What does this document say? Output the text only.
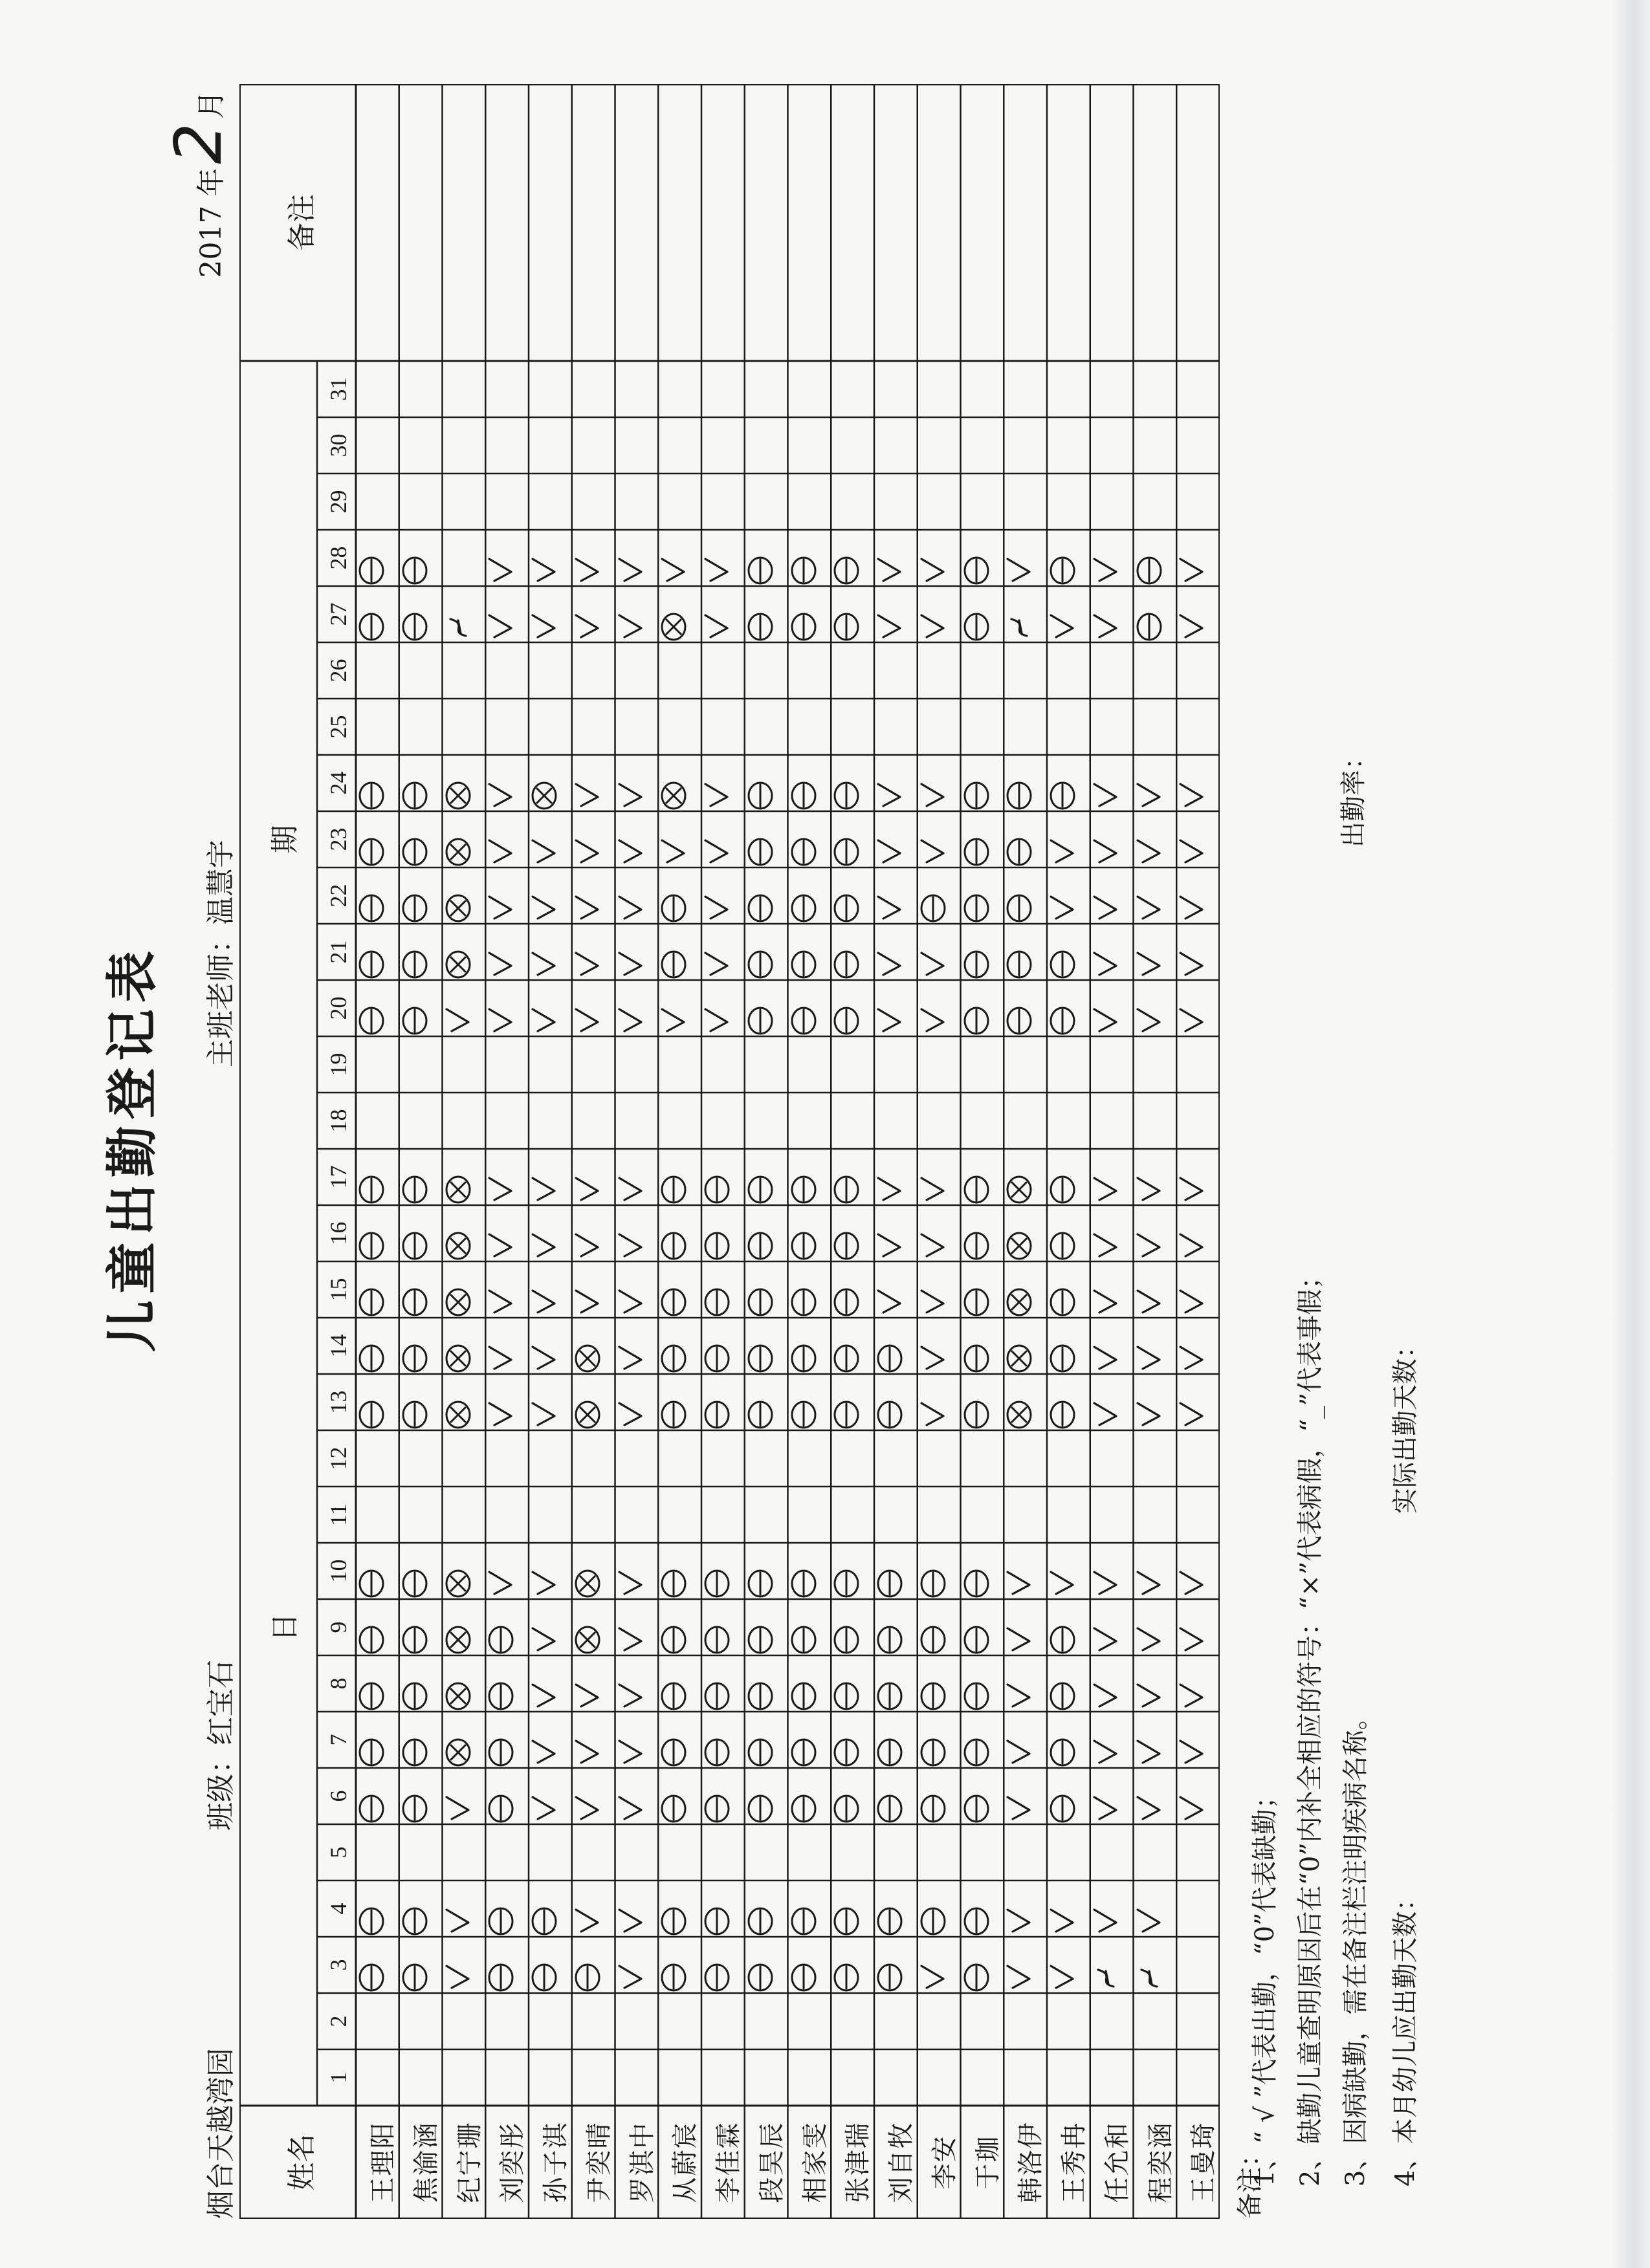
儿童出勤登记表
烟台天越湾园
班级：红宝石
主班老师：温慧宇
2017 年2月
姓名
日
期
备注
1
2
3
4
5
6
7
8
9
10
11
12
13
14
15
16
17
18
19
20
21
22
23
24
25
26
27
28
29
30
31
王理阳 焦渝涵 纪宁珊 刘奕彤 孙子淇 尹奕晴 罗淇中 从蔚宸 李佳霖 段昊辰 相家雯 张津瑞 刘自牧 李安 于珈 韩洛伊 王秀冉 任允和 程奕涵 王曼琦 备注：
1、“ √ ”代表出勤，“0”代表缺勤； 2、缺勤儿童查明原因后在“0”内补全相应的符号：“×”代表病假，“_”代表事假； 3、因病缺勤，需在备注栏注明疾病名称。 4、本月幼儿应出勤天数：
实际出勤天数：
出勤率：
